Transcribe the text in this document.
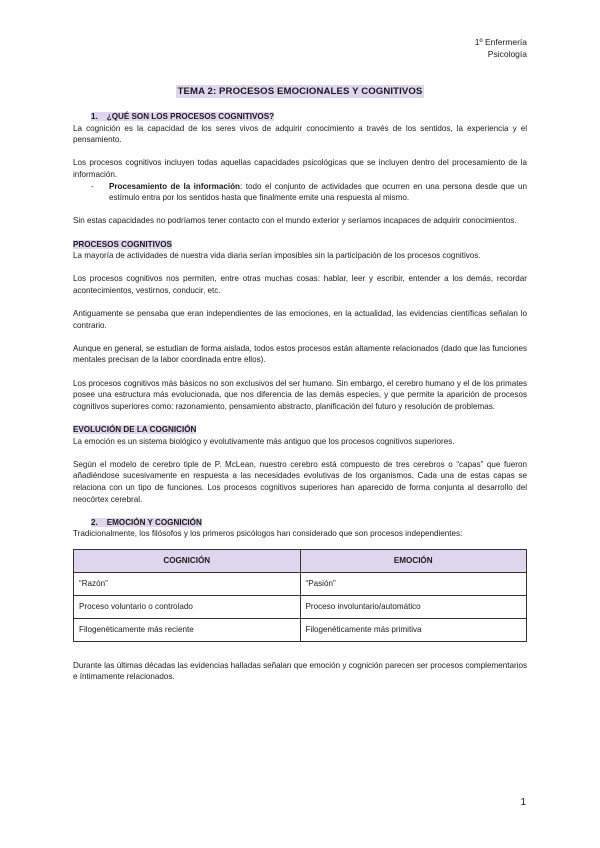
1º Enfermería
Psicología
TEMA 2: PROCESOS EMOCIONALES Y COGNITIVOS

1. ¿QUÉ SON LOS PROCESOS COGNITIVOS?

La cognición es la capacidad de los seres vivos de adquirir conocimiento a través de los sentidos, la experiencia y el pensamiento.

Los procesos cognitivos incluyen todas aquellas capacidades psicológicas que se incluyen dentro del procesamiento de la información.

- Procesamiento de la información: todo el conjunto de actividades que ocurren en una persona desde que un estímulo entra por los sentidos hasta que finalmente emite una respuesta al mismo.

Sin estas capacidades no podríamos tener contacto con el mundo exterior y seríamos incapaces de adquirir conocimientos.

PROCESOS COGNITIVOS

La mayoría de actividades de nuestra vida diaria serían imposibles sin la participación de los procesos cognitivos.

Los procesos cognitivos nos permiten, entre otras muchas cosas: hablar, leer y escribir, entender a los demás, recordar acontecimientos, vestirnos, conducir, etc.

Antiguamente se pensaba que eran independientes de las emociones, en la actualidad, las evidencias científicas señalan lo contrario.

Aunque en general, se estudian de forma aislada, todos estos procesos están altamente relacionados (dado que las funciones mentales precisan de la labor coordinada entre ellos).

Los procesos cognitivos más básicos no son exclusivos del ser humano. Sin embargo, el cerebro humano y el de los primates posee una estructura más evolucionada, que nos diferencia de las demás especies, y que permite la aparición de procesos cognitivos superiores como: razonamiento, pensamiento abstracto, planificación del futuro y resolución de problemas.

EVOLUCIÓN DE LA COGNICIÓN

La emoción es un sistema biológico y evolutivamente más antiguo que los procesos cognitivos superiores.

Según el modelo de cerebro tiple de P. McLean, nuestro cerebro está compuesto de tres cerebros o “capas” que fueron añadiéndose sucesivamente en respuesta a las necesidades evolutivas de los organismos. Cada una de estas capas se relaciona con un tipo de funciones. Los procesos cognitivos superiores han aparecido de forma conjunta al desarrollo del neocórtex cerebral.

2. EMOCIÓN Y COGNICIÓN

Tradicionalmente, los filósofos y los primeros psicólogos han considerado que son procesos independientes:

COGNICIÓN	EMOCIÓN
“Razón”	“Pasión”
Proceso voluntario o controlado	Proceso involuntario/automático
Filogenéticamente más reciente	Filogenéticamente más primitiva

Durante las últimas décadas las evidencias halladas señalan que emoción y cognición parecen ser procesos complementarios e íntimamente relacionados.

1
